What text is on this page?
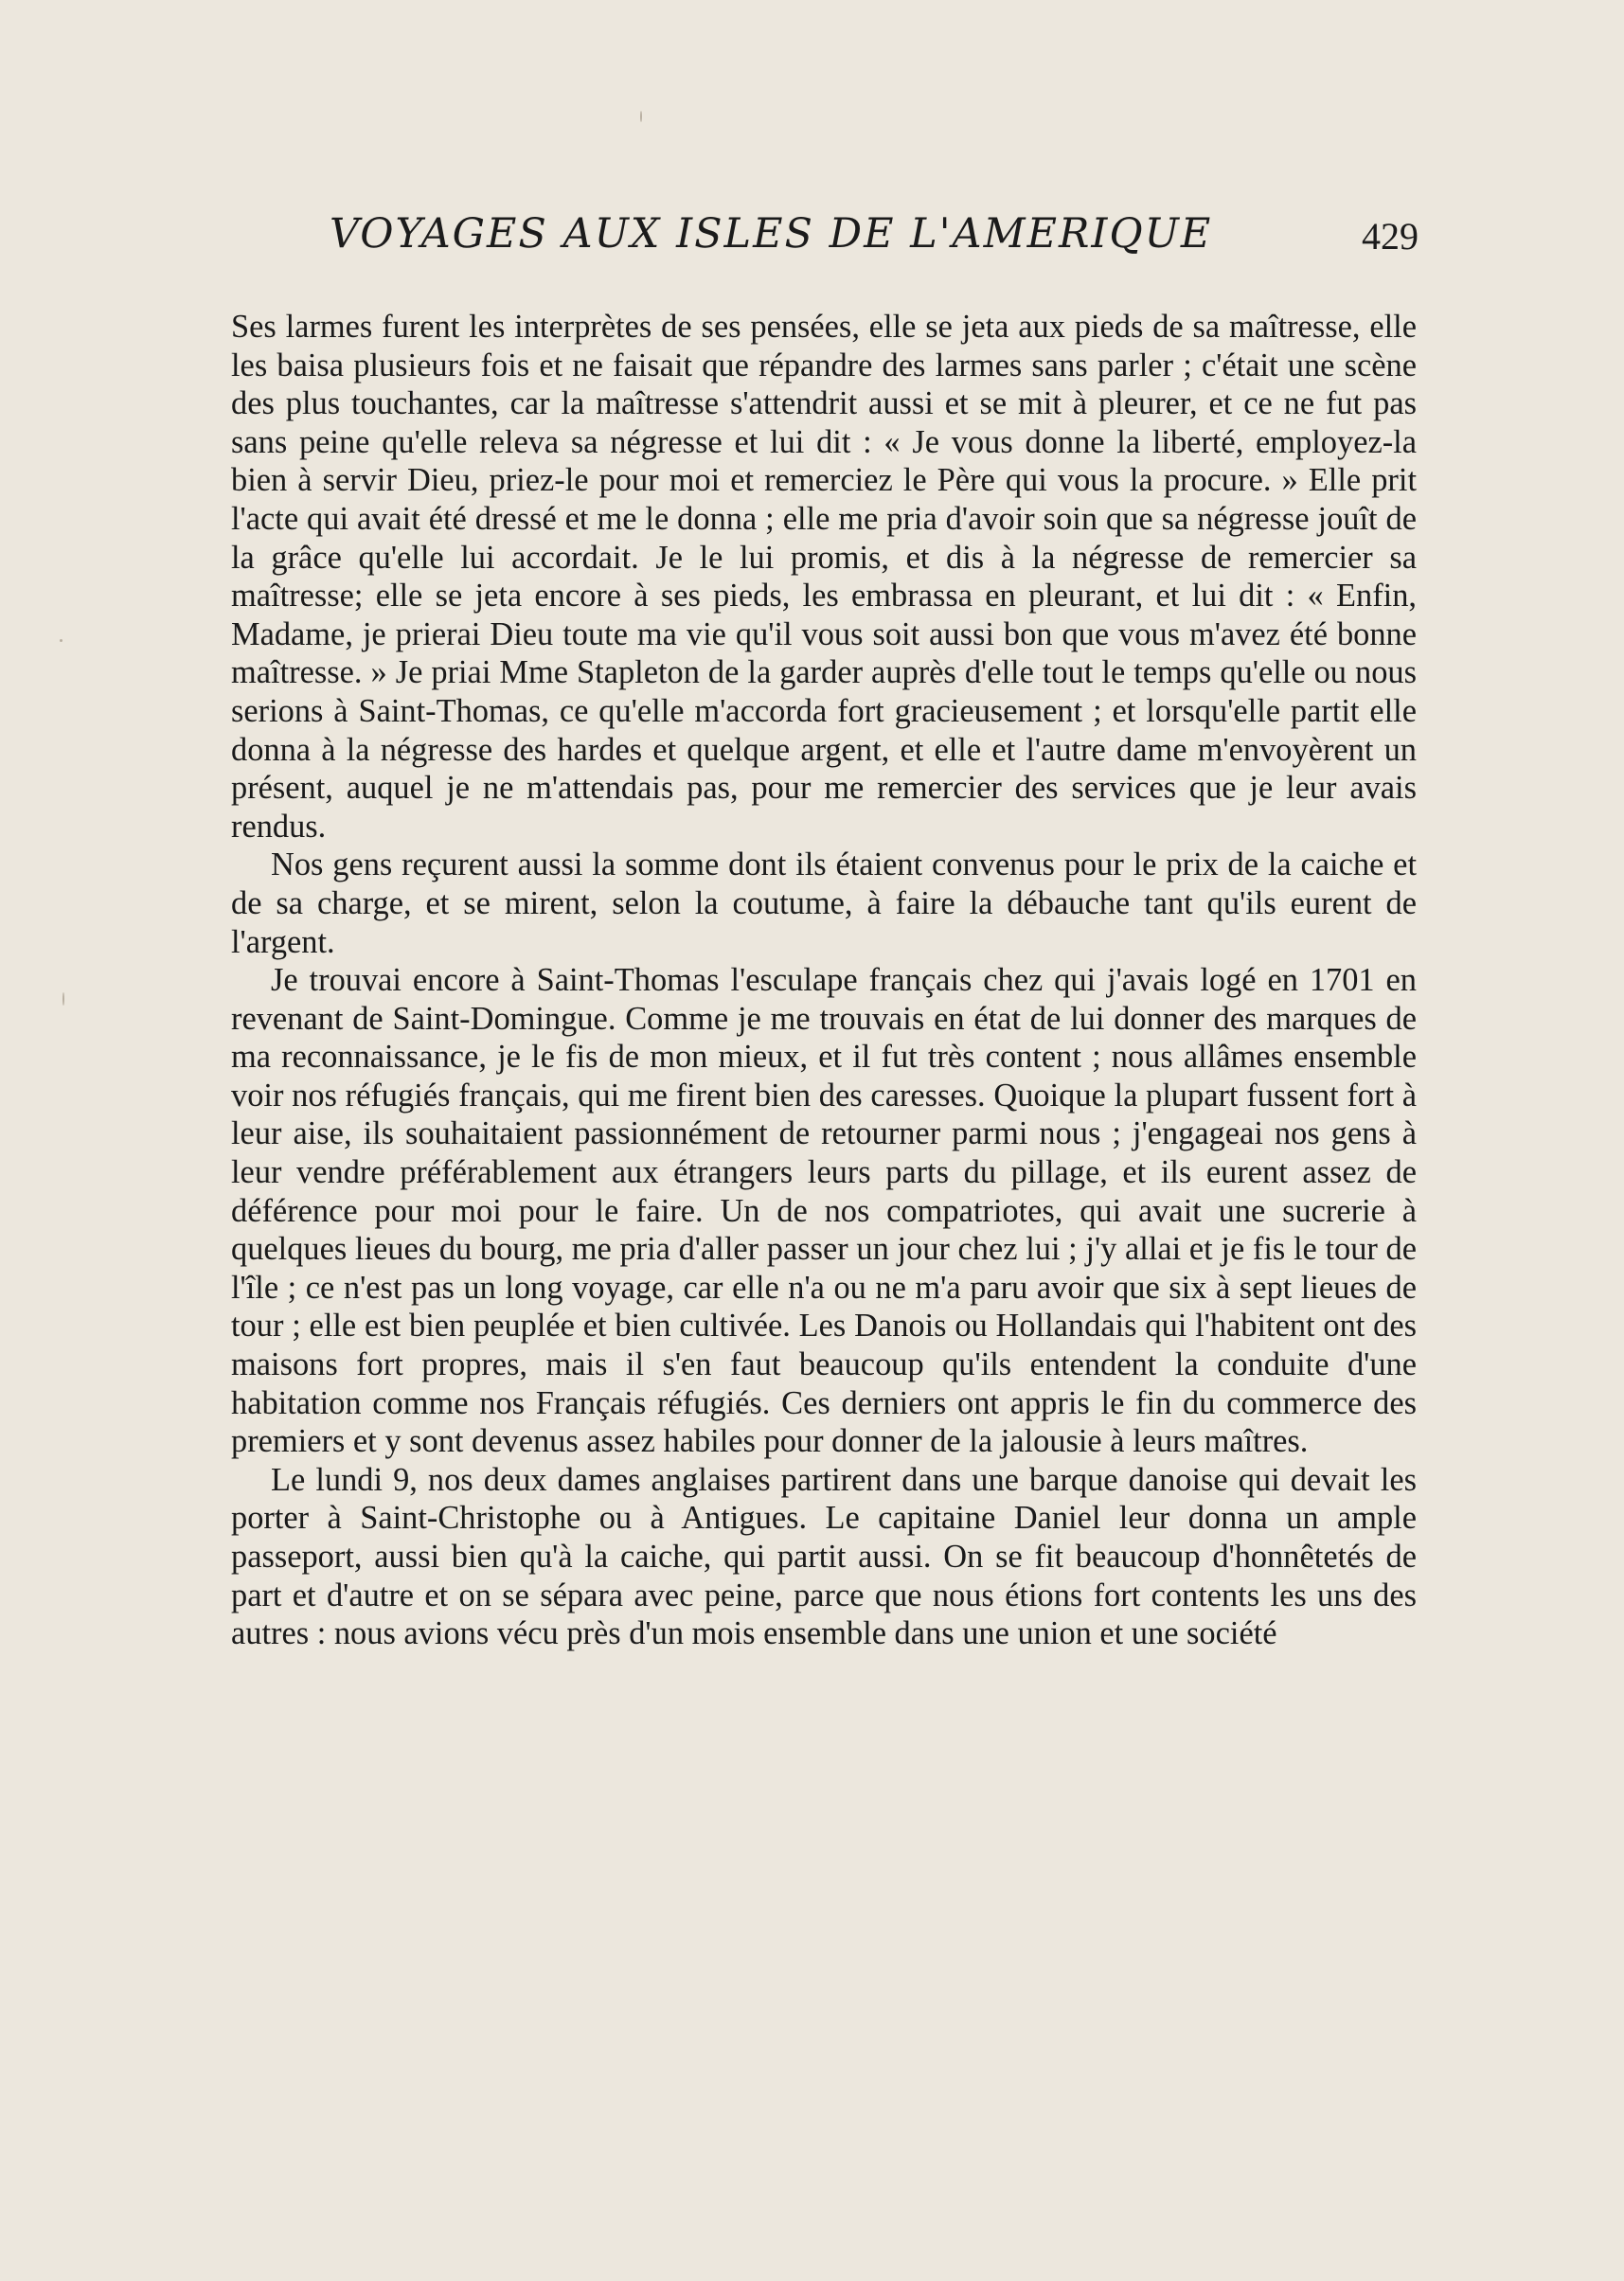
VOYAGES AUX ISLES DE L'AMERIQUE	429

Ses larmes furent les interprètes de ses pensées, elle se jeta aux pieds de sa maîtresse, elle les baisa plusieurs fois et ne faisait que répandre des larmes sans parler ; c'était une scène des plus touchantes, car la maîtresse s'attendrit aussi et se mit à pleurer, et ce ne fut pas sans peine qu'elle releva sa négresse et lui dit : « Je vous donne la liberté, employez-la bien à servir Dieu, priez-le pour moi et remerciez le Père qui vous la procure. » Elle prit l'acte qui avait été dressé et me le donna ; elle me pria d'avoir soin que sa négresse jouît de la grâce qu'elle lui accordait. Je le lui promis, et dis à la négresse de remercier sa maîtresse; elle se jeta encore à ses pieds, les embrassa en pleurant, et lui dit : « Enfin, Madame, je prierai Dieu toute ma vie qu'il vous soit aussi bon que vous m'avez été bonne maîtresse. » Je priai Mme Stapleton de la garder auprès d'elle tout le temps qu'elle ou nous serions à Saint-Thomas, ce qu'elle m'accorda fort gracieusement ; et lorsqu'elle partit elle donna à la négresse des hardes et quelque argent, et elle et l'autre dame m'envoyèrent un présent, auquel je ne m'attendais pas, pour me remercier des services que je leur avais rendus.

Nos gens reçurent aussi la somme dont ils étaient convenus pour le prix de la caiche et de sa charge, et se mirent, selon la coutume, à faire la débauche tant qu'ils eurent de l'argent.

Je trouvai encore à Saint-Thomas l'esculape français chez qui j'avais logé en 1701 en revenant de Saint-Domingue. Comme je me trouvais en état de lui donner des marques de ma reconnaissance, je le fis de mon mieux, et il fut très content ; nous allâmes ensemble voir nos réfugiés français, qui me firent bien des caresses. Quoique la plupart fussent fort à leur aise, ils souhaitaient passionnément de retourner parmi nous ; j'engageai nos gens à leur vendre préférablement aux étrangers leurs parts du pillage, et ils eurent assez de déférence pour moi pour le faire. Un de nos compatriotes, qui avait une sucrerie à quelques lieues du bourg, me pria d'aller passer un jour chez lui ; j'y allai et je fis le tour de l'île ; ce n'est pas un long voyage, car elle n'a ou ne m'a paru avoir que six à sept lieues de tour ; elle est bien peuplée et bien cultivée. Les Danois ou Hollandais qui l'habitent ont des maisons fort propres, mais il s'en faut beaucoup qu'ils entendent la conduite d'une habitation comme nos Français réfugiés. Ces derniers ont appris le fin du commerce des premiers et y sont devenus assez habiles pour donner de la jalousie à leurs maîtres.

Le lundi 9, nos deux dames anglaises partirent dans une barque danoise qui devait les porter à Saint-Christophe ou à Antigues. Le capitaine Daniel leur donna un ample passeport, aussi bien qu'à la caiche, qui partit aussi. On se fit beaucoup d'honnêtetés de part et d'autre et on se sépara avec peine, parce que nous étions fort contents les uns des autres : nous avions vécu près d'un mois ensemble dans une union et une société
